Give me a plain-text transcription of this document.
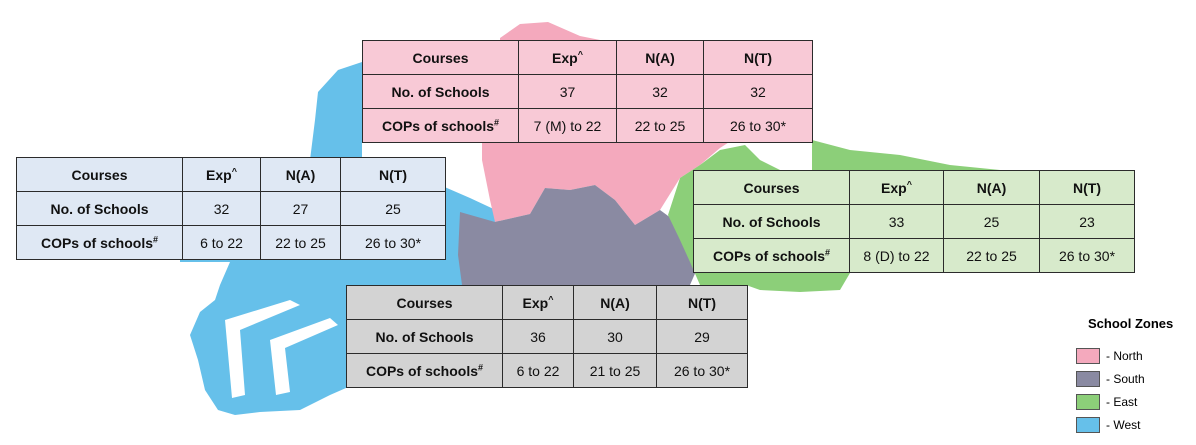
Courses	Exp^	N(A)	N(T)
No. of Schools	37	32	32
COPs of schools#	7 (M) to 22	22 to 25	26 to 30*
Courses	Exp^	N(A)	N(T)
No. of Schools	32	27	25
COPs of schools#	6 to 22	22 to 25	26 to 30*
Courses	Exp^	N(A)	N(T)
No. of Schools	33	25	23
COPs of schools#	8 (D) to 22	22 to 25	26 to 30*
Courses	Exp^	N(A)	N(T)
No. of Schools	36	30	29
COPs of schools#	6 to 22	21 to 25	26 to 30*
School Zones
- North
- South
- East
- West
